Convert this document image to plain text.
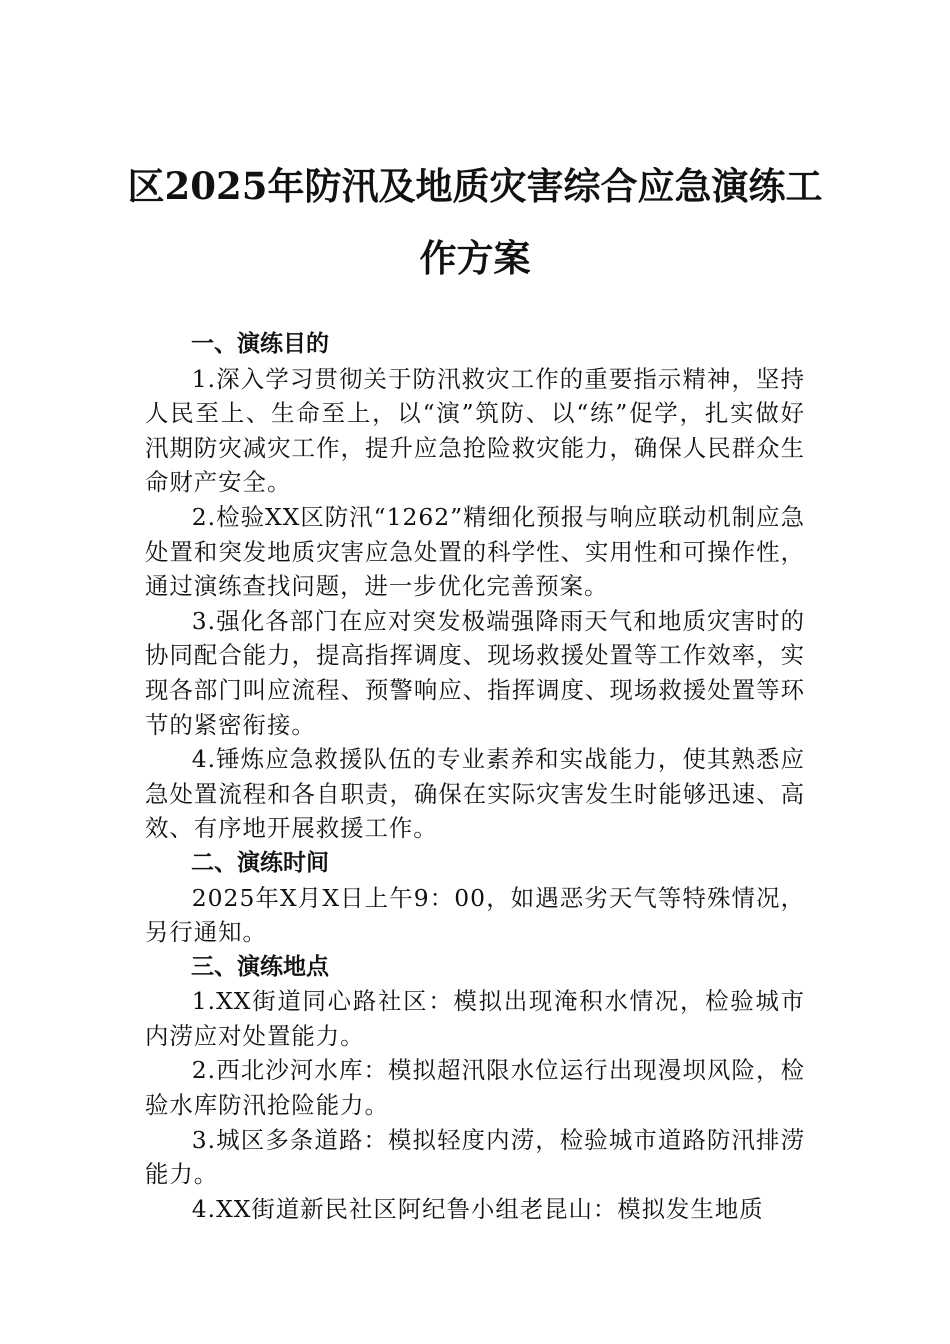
区2025年防汛及地质灾害综合应急演练工作方案

一、演练目的

1.深入学习贯彻关于防汛救灾工作的重要指示精神，坚持人民至上、生命至上，以“演”筑防、以“练”促学，扎实做好汛期防灾减灾工作，提升应急抢险救灾能力，确保人民群众生命财产安全。

2.检验XX区防汛“1262”精细化预报与响应联动机制应急处置和突发地质灾害应急处置的科学性、实用性和可操作性，通过演练查找问题，进一步优化完善预案。

3.强化各部门在应对突发极端强降雨天气和地质灾害时的协同配合能力，提高指挥调度、现场救援处置等工作效率，实现各部门叫应流程、预警响应、指挥调度、现场救援处置等环节的紧密衔接。

4.锤炼应急救援队伍的专业素养和实战能力，使其熟悉应急处置流程和各自职责，确保在实际灾害发生时能够迅速、高效、有序地开展救援工作。

二、演练时间

2025年X月X日上午9：00，如遇恶劣天气等特殊情况，另行通知。

三、演练地点

1.XX街道同心路社区：模拟出现淹积水情况，检验城市内涝应对处置能力。

2.西北沙河水库：模拟超汛限水位运行出现漫坝风险，检验水库防汛抢险能力。

3.城区多条道路：模拟轻度内涝，检验城市道路防汛排涝能力。

4.XX街道新民社区阿纪鲁小组老昆山：模拟发生地质
